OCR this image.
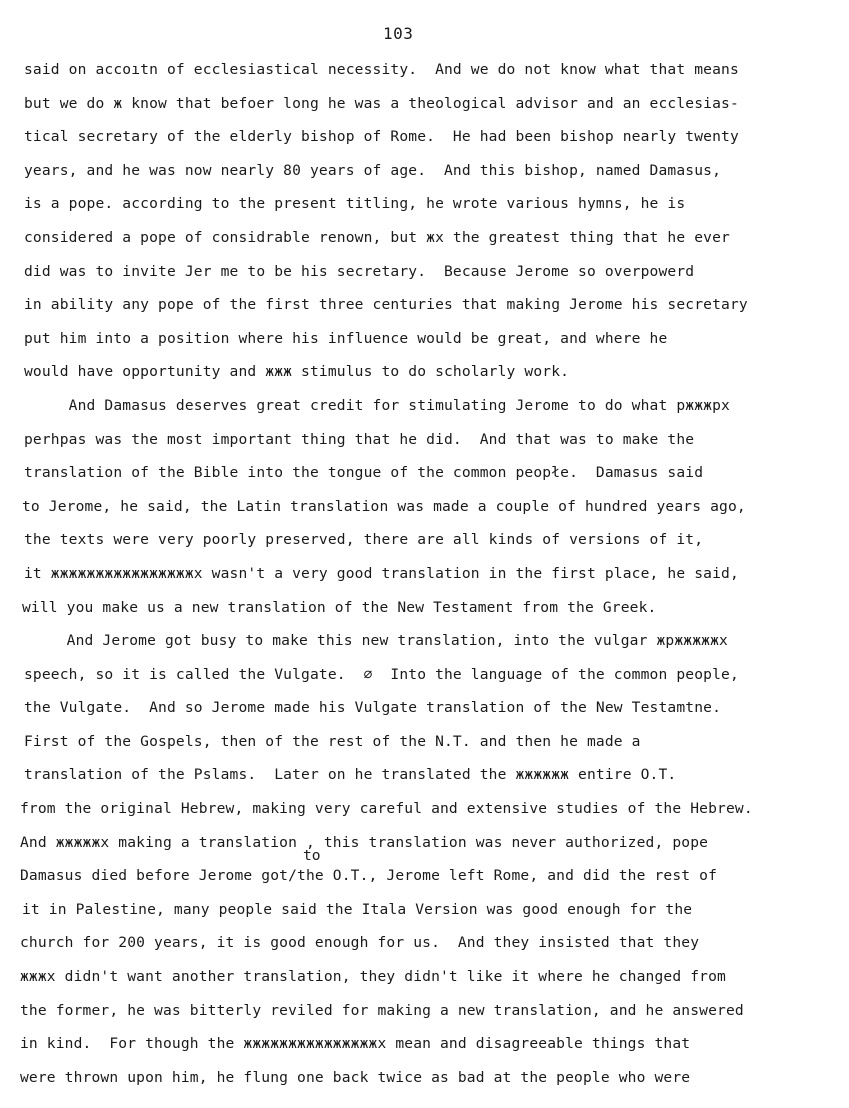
103
said on accoıtn of ecclesiastical necessity.  And we do not know what that means
but we do ж know that befoer long he was a theological advisor and an ecclesias-
tical secretary of the elderly bishop of Rome.  He had been bishop nearly twenty
years, and he was now nearly 80 years of age.  And this bishop, named Damasus,
is a pope. according to the present titling, he wrote various hymns, he is
considered a pope of considrable renown, but жx the greatest thing that he ever
did was to invite Jer me to be his secretary.  Because Jerome so overpowerd
in ability any pope of the first three centuries that making Jerome his secretary
put him into a position where his influence would be great, and where he
would have opportunity and жжж stimulus to do scholarly work.
And Damasus deserves great credit for stimulating Jerome to do what ржжжрх
perhpas was the most important thing that he did.  And that was to make the
translation of the Bible into the tongue of the common peopłe.  Damasus said
to Jerome, he said, the Latin translation was made a couple of hundred years ago,
the texts were very poorly preserved, there are all kinds of versions of it,
it жжжжжжжжжжжжжжжжx wasn't a very good translation in the first place, he said,
will you make us a new translation of the New Testament from the Greek.
And Jerome got busy to make this new translation, into the vulgar жржжжжжx
speech, so it is called the Vulgate.  ∅  Into the language of the common people,
the Vulgate.  And so Jerome made his Vulgate translation of the New Testamtne.
First of the Gospels, then of the rest of the N.T. and then he made a
translation of the Pslams.  Later on he translated the жжжжжж entire O.T.
from the original Hebrew, making very careful and extensive studies of the Hebrew.
And жжжжжx making a translation , this translation was never authorized, pope
to
Damasus died before Jerome got/the O.T., Jerome left Rome, and did the rest of
it in Palestine, many people said the Itala Version was good enough for the
church for 200 years, it is good enough for us.  And they insisted that they
жжжx didn't want another translation, they didn't like it where he changed from
the former, he was bitterly reviled for making a new translation, and he answered
in kind.  For though the жжжжжжжжжжжжжжжx mean and disagreeable things that
were thrown upon him, he flung one back twice as bad at the people who were
